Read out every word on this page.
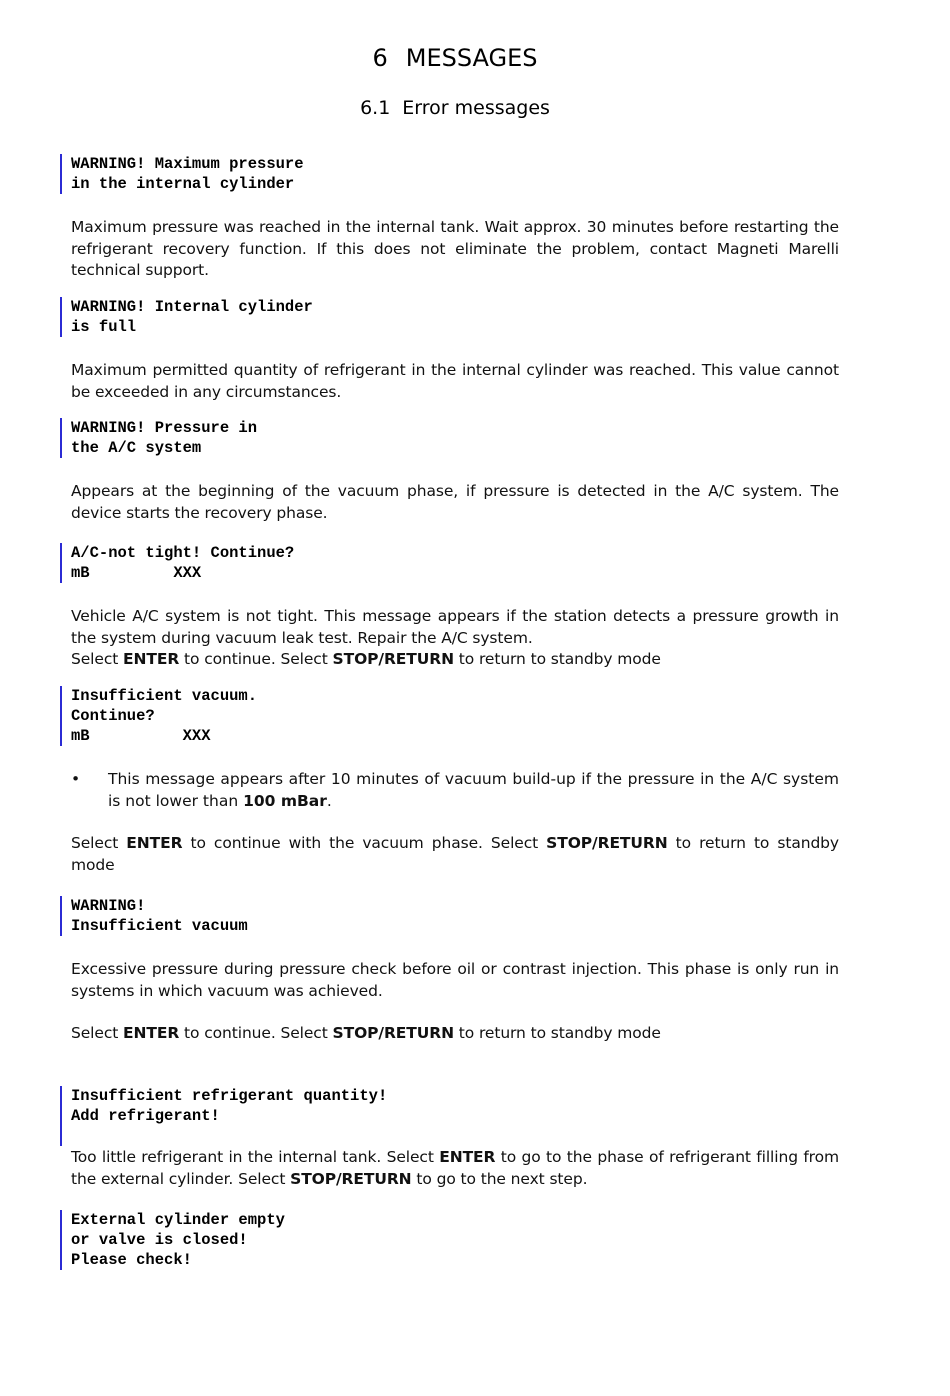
6 MESSAGES
6.1 Error messages
WARNING! Maximum pressure
in the internal cylinder
Maximum pressure was reached in the internal tank. Wait approx. 30 minutes before restarting the refrigerant recovery function. If this does not eliminate the problem, contact Magneti Marelli technical support.
WARNING! Internal cylinder
is full
Maximum permitted quantity of refrigerant in the internal cylinder was reached. This value cannot be exceeded in any circumstances.
WARNING! Pressure in
the A/C system
Appears at the beginning of the vacuum phase, if pressure is detected in the A/C system. The device starts the recovery phase.
A/C-not tight! Continue?
mB         XXX
Vehicle A/C system is not tight. This message appears if the station detects a pressure growth in the system during vacuum leak test. Repair the A/C system.
Select ENTER to continue. Select STOP/RETURN to return to standby mode
Insufficient vacuum.
Continue?
mB          XXX
• This message appears after 10 minutes of vacuum build-up if the pressure in the A/C system is not lower than 100 mBar.
Select ENTER to continue with the vacuum phase. Select STOP/RETURN to return to standby mode
WARNING!
Insufficient vacuum
Excessive pressure during pressure check before oil or contrast injection. This phase is only run in systems in which vacuum was achieved.
Select ENTER to continue. Select STOP/RETURN to return to standby mode
Insufficient refrigerant quantity!
Add refrigerant!
Too little refrigerant in the internal tank. Select ENTER to go to the phase of refrigerant filling from the external cylinder. Select STOP/RETURN to go to the next step.
External cylinder empty
or valve is closed!
Please check!
